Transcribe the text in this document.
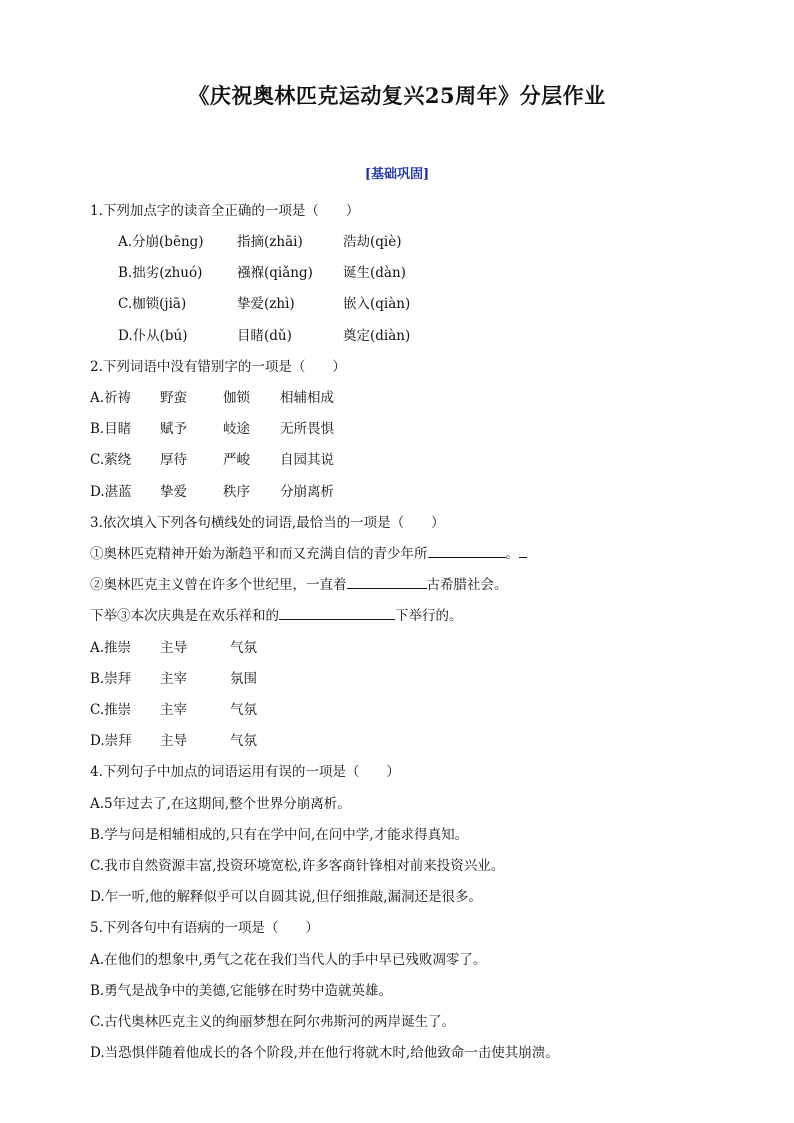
《庆祝奥林匹克运动复兴25周年》分层作业
[基础巩固]
1.下列加点字的读音全正确的一项是（　　）
A.分崩(bēng) 指摘(zhāi)	浩劫(qiè)
B.拙劣(zhuó)	襁褓(qiǎng) 诞生(dàn)
C.枷锁(jiā)	挚爱(zhì)	嵌入(qiàn)
D.仆从(bú)	目睹(dǔ)	奠定(diàn)
2.下列词语中没有错别字的一项是（　　）
A.祈祷 野蛮	伽锁 相辅相成
B.目睹 赋予	岐途 无所畏惧
C.萦绕 厚待	严峻 自园其说
D.湛蓝 挚爱	秩序 分崩离析
3.依次填入下列各句横线处的词语,最恰当的一项是（　　）
①奥林匹克精神开始为渐趋平和而又充满自信的青少年所	。
②奥林匹克主义曾在许多个世纪里，一直着	古希腊社会。
下举③本次庆典是在欢乐祥和的	下举行的。
A.推崇 主导	气氛
B.崇拜 主宰	氛围
C.推崇 主宰	气氛
D.崇拜 主导	气氛
4.下列句子中加点的词语运用有误的一项是（　　）
A.5年过去了,在这期间,整个世界分崩离析。
B.学与问是相辅相成的,只有在学中问,在问中学,才能求得真知。
C.我市自然资源丰富,投资环境宽松,许多客商针锋相对前来投资兴业。
D.乍一听,他的解释似乎可以自圆其说,但仔细推敲,漏洞还是很多。
5.下列各句中有语病的一项是（　　）
A.在他们的想象中,勇气之花在我们当代人的手中早已残败凋零了。
B.勇气是战争中的美德,它能够在时势中造就英雄。
C.古代奥林匹克主义的绚丽梦想在阿尔弗斯河的两岸诞生了。
D.当恐惧伴随着他成长的各个阶段,并在他行将就木时,给他致命一击使其崩溃。
